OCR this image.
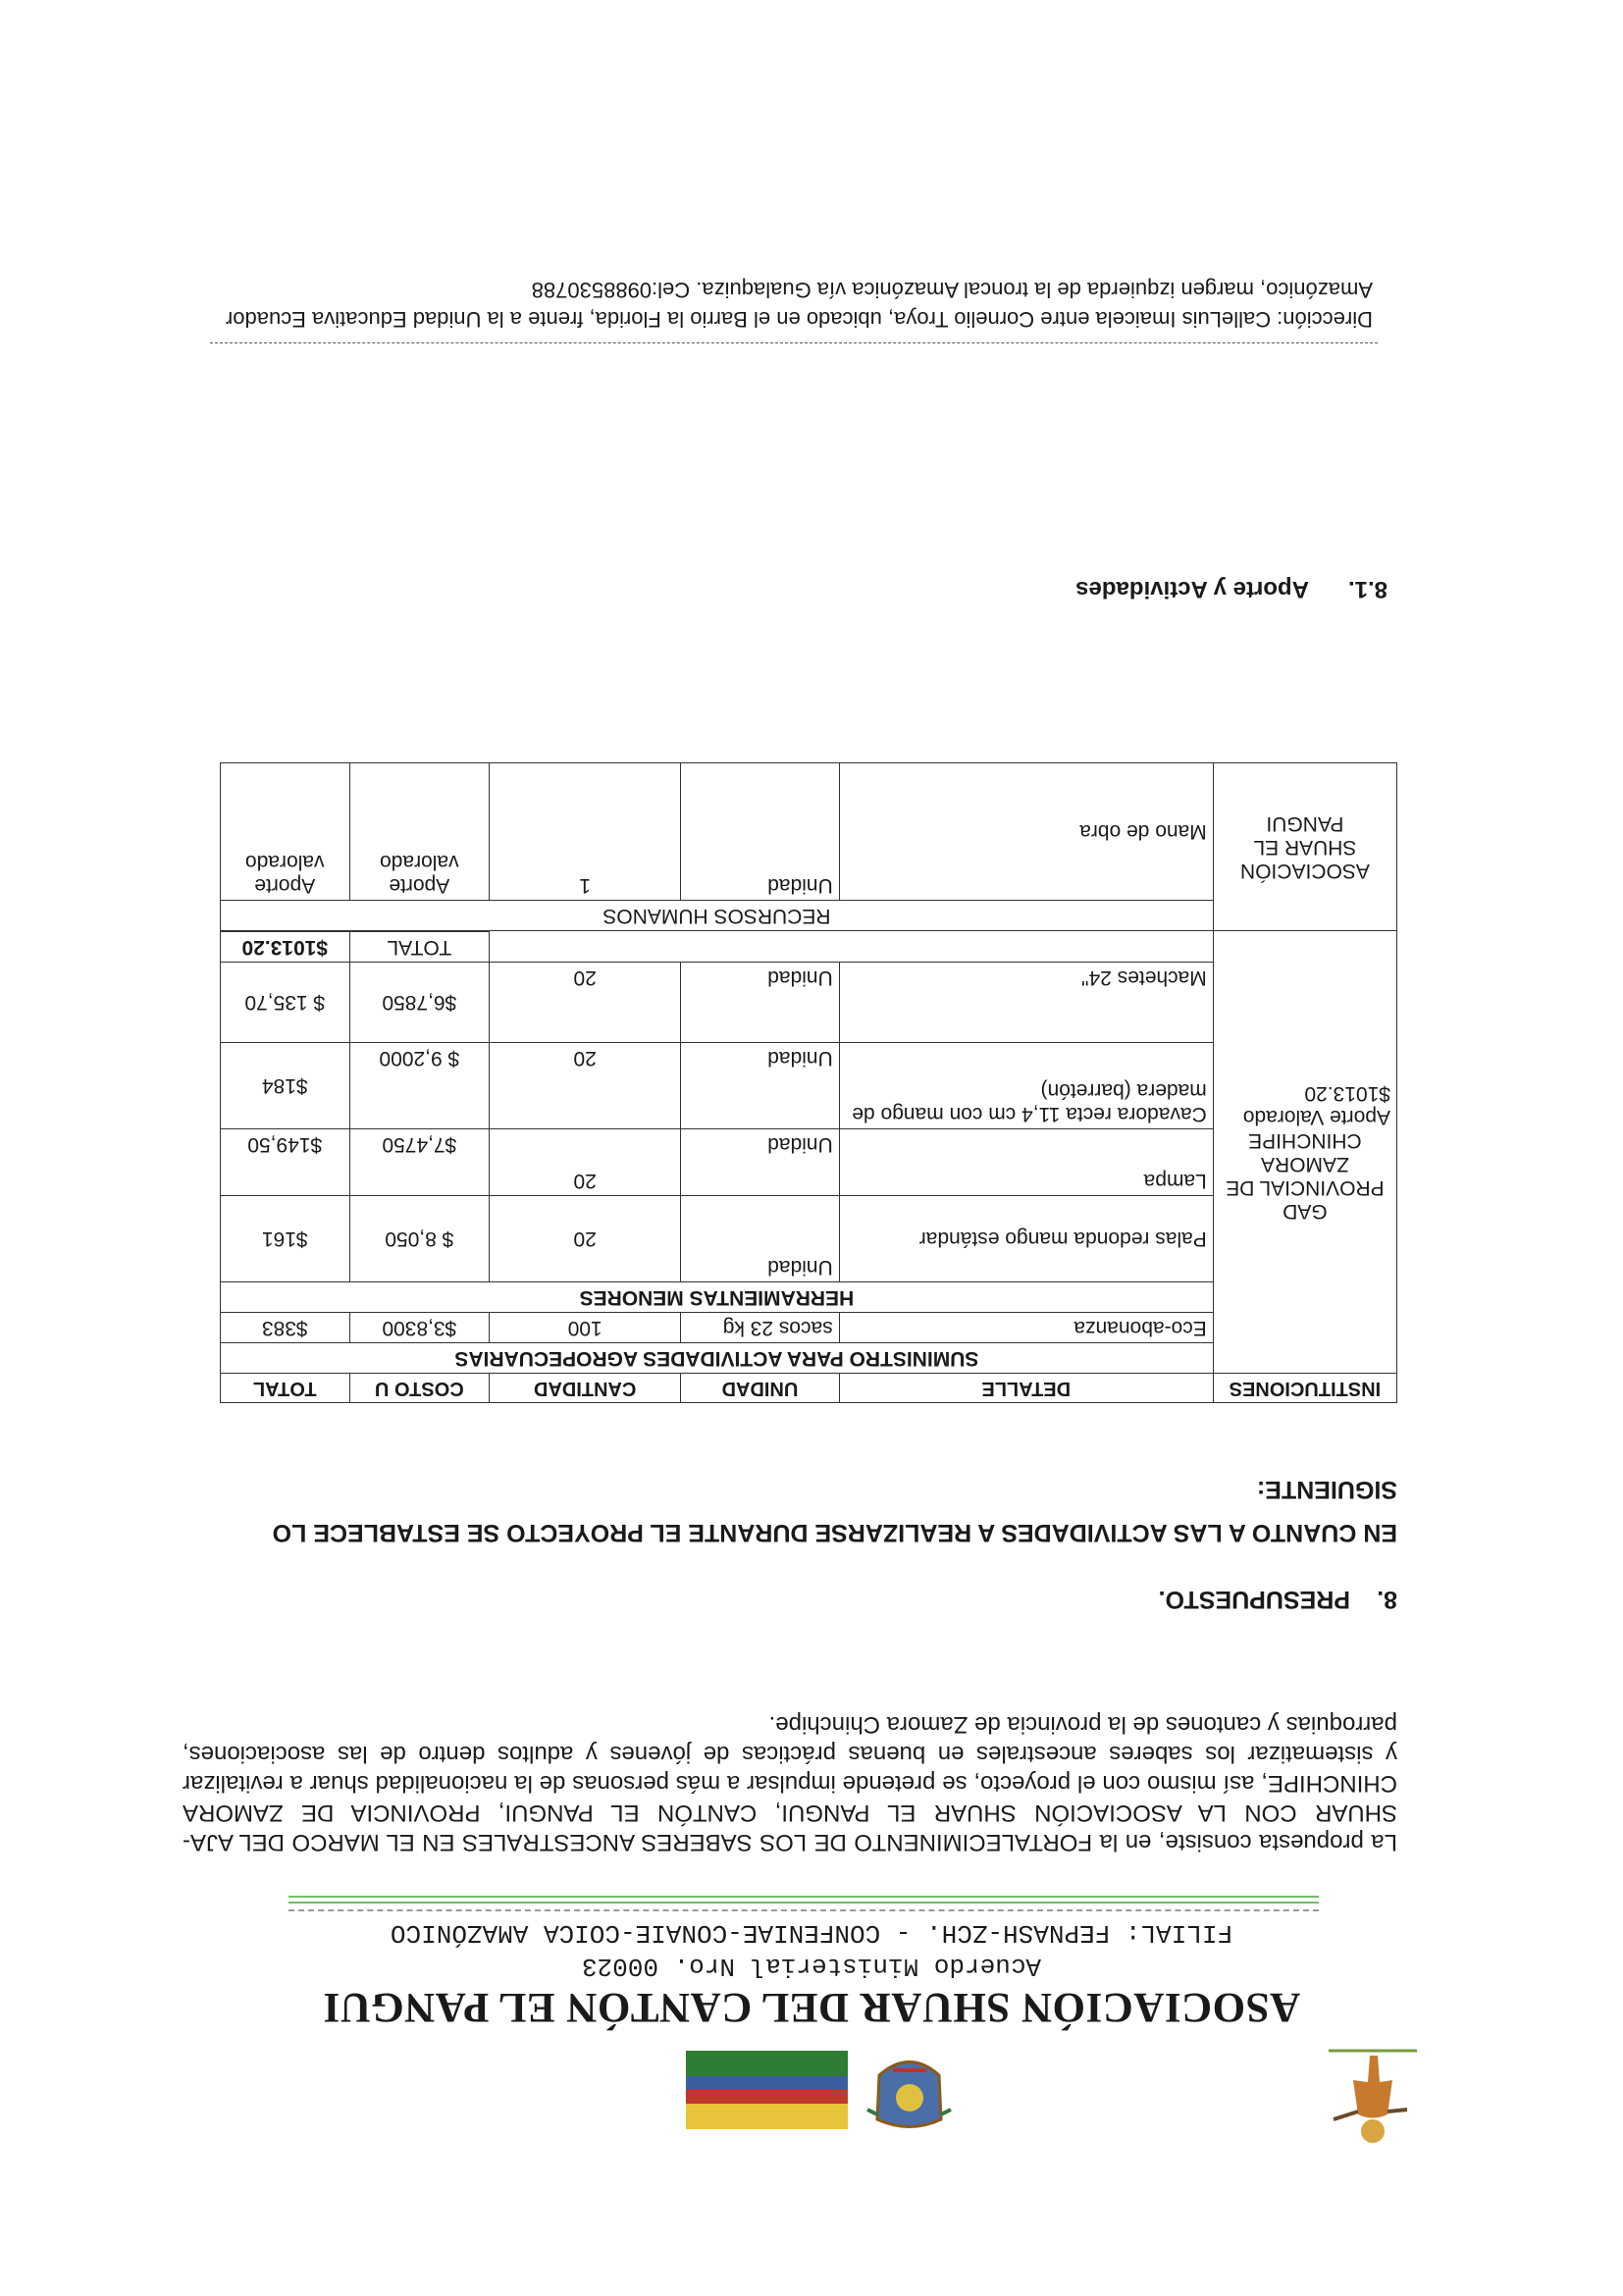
ASOCIACIÓN SHUAR DEL CANTÓN EL PANGUI
Acuerdo Ministerial Nro. 00023
FILIAL: FEPNASH-ZCH. - CONFENIAE-CONAIE-COICA AMAZÓNICO

La propuesta consiste, en la FORTALECIMINENTO DE LOS SABERES ANCESTRALES EN EL MARCO DEL AJA-SHUAR CON LA ASOCIACIÓN SHUAR EL PANGUI, CANTÓN EL PANGUI, PROVINCIA DE ZAMORA CHINCHIPE, así mismo con el proyecto, se pretende impulsar a más personas de la nacionalidad shuar a revitalizar y sistematizar los saberes ancestrales en buenas prácticas de jóvenes y adultos dentro de las asociaciones, parroquias y cantones de la provincia de Zamora Chinchipe.

8.PRESUPUESTO.
EN CUANTO A LAS ACTIVIDADES A REALIZARSE DURANTE EL PROYECTO SE ESTABLECE LO SIGUIENTE:
INSTITUCIONES	DETALLE	UNIDAD	CANTIDAD	COSTO U	TOTAL

GAD PROVINCIAL DE ZAMORA CHINCHIPE
Aporte Valorado $1013.20	SUMINISTRO PARA ACTIVIDADES AGROPECUARIAS				
	Eco-abonanza	sacos 23 kg	100	$3,8300	$383
	HERRAMIENTAS MENORES				
	Palas redonda mango estándar	Unidad	20	$ 8,050	$161
	Lampa	Unidad	20	$7,4750	$149,50
	Cavadora recta 11,4 cm con mango de madera (barretón)	Unidad	20	$ 9,2000	$184
	Machetes 24"	Unidad	20	$6,7850	$ 135,70
				TOTAL	$1013.20

ASOCIACIÓN SHUAR EL PANGUI	RECURSOS HUMANOS				
	Mano de obra	Unidad	1	Aporte valorado	Aporte valorado
8.1.Aporte y Actividades
Dirección: CalleLuis Imaicela entre Cornelio Troya, ubicado en el Barrio la Florida, frente a la Unidad Educativa Ecuador Amazónico, margen izquierda de la troncal Amazónica vía Gualaquiza. Cel:0988530788
